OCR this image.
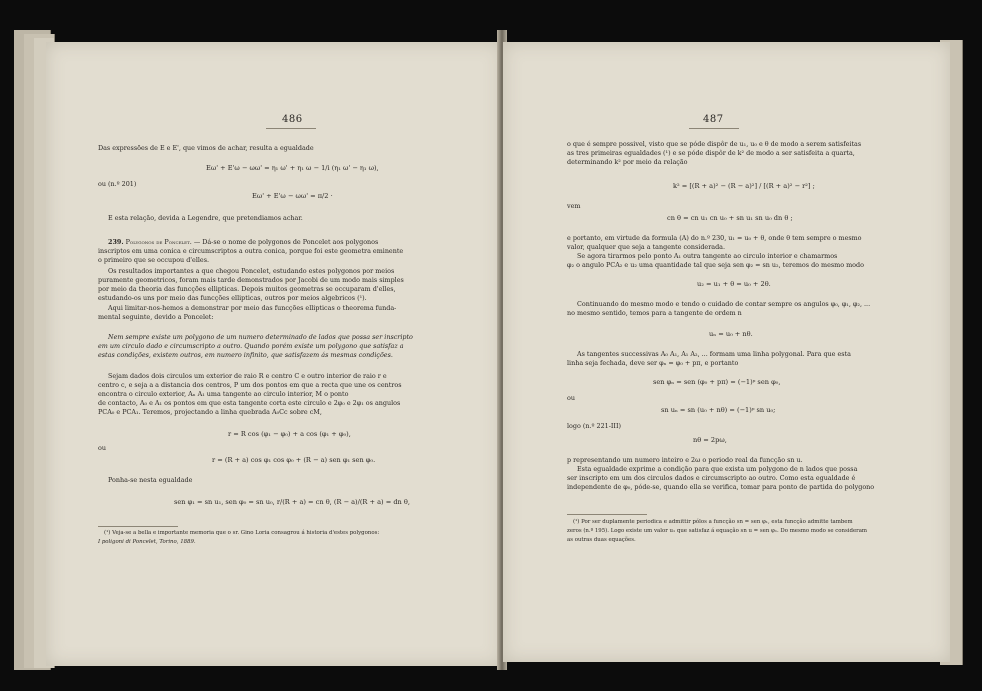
486
Das expressões de E e E', que vimos de achar, resulta a egualdade
Eω' + E'ω − ωω' = η₁ ω' + η₁ ω − 1/i (η₁ ω' − η₁ ω),
ou (n.º 201)
Eω' + E'ω − ωω' = π/2 ·
E esta relação, devida a Legendre, que pretendiamos achar.
239. Polygonos de Poncelet. — Dá-se o nome de polygonos de Poncelet aos polygonos
inscriptos em uma conica e circumscriptos a outra conica, porque foi este geometra eminente
o primeiro que se occupou d'elles.
Os resultados importantes a que chegou Poncelet, estudando estes polygonos por meios
puramente geometricos, foram mais tarde demonstrados por Jacobi de um modo mais simples
por meio da theoria das funcções ellipticas. Depois muitos geometras se occuparam d'elles,
estudando-os uns por meio das funcções ellipticas, outros por meios algebricos (¹).
Aqui limitar-nos-hemos a demonstrar por meio das funcções ellipticas o theorema funda-
mental seguinte, devido a Poncelet:
Nem sempre existe um polygono de um numero determinado de lados que possa ser inscripto
em um circulo dado e circumscripto a outro. Quando porém existe um polygono que satisfaz a
estas condições, existem outros, em numero infinito, que satisfazem ás mesmas condições.
Sejam dados dois circulos um exterior de raio R e centro C e outro interior de raio r e
centro c, e seja a a distancia dos centros, P um dos pontos em que a recta que une os centros
encontra o circulo exterior, Aₙ A₁ uma tangente ao circulo interior, M o ponto
de contacto, A₀ e A₁ os pontos em que esta tangente corta este circulo e 2φ₀ e 2φ₁ os angulos
PCA₀ e PCA₁. Teremos, projectando a linha quebrada A₀Cc sobre cM,
r = R cos (φ₁ − φ₀) + a cos (φ₁ + φ₀),
ou
r = (R + a) cos φ₁ cos φ₀ + (R − a) sen φ₁ sen φ₀.
Ponha-se nesta egualdade
sen φ₁ = sn u₁, sen φ₀ = sn u₀, r/(R + a) = cn θ, (R − a)/(R + a) = dn θ,
(¹) Veja-se a bella e importante memoria que o sr. Gino Loria consagrou á historia d'estes polygonos:
I poligoni di Poncelet, Torino, 1889.
487
o que é sempre possivel, visto que se póde dispôr de u₁, u₀ e θ de modo a serem satisfeitas
as tres primeiras egualdades (¹) e se póde dispôr de k² de modo a ser satisfeita a quarta,
determinando k² por meio da relação
k² = [(R + a)² − (R − a)²] / [(R + a)² − r²] ;
vem
cn θ = cn u₁ cn u₀ + sn u₁ sn u₀ dn θ ;
e portanto, em virtude da formula (A) do n.º 230, u₁ = u₀ + θ, onde θ tem sempre o mesmo
valor, qualquer que seja a tangente considerada.
Se agora tirarmos pelo ponto A₁ outra tangente ao circulo interior e chamarmos
φ₂ o angulo PCA₂ e u₂ uma quantidade tal que seja sen φ₂ = sn u₂, teremos do mesmo modo
u₂ = u₁ + θ = u₀ + 2θ.
Continuando do mesmo modo e tendo o cuidado de contar sempre os angulos φ₀, φ₁, φ₂, ...
no mesmo sentido, temos para a tangente de ordem n
uₙ = u₀ + nθ.
As tangentes successivas A₀ A₁, A₁ A₂, ... formam uma linha polygonal. Para que esta
linha seja fechada, deve ser φₙ = φ₀ + pπ, e portanto
sen φₙ = sen (φ₀ + pπ) = (−1)ᵖ sen φ₀,
ou
sn uₙ = sn (u₀ + nθ) = (−1)ᵖ sn u₀;
logo (n.º 221-III)
nθ = 2pω,
p representando um numero inteiro e 2ω o periodo real da funcção sn u.
Esta egualdade exprime a condição para que exista um polygono de n lados que possa
ser inscripto em um dos circulos dados e circumscripto ao outro. Como esta egualdade é
independente de φ₀, póde-se, quando ella se verifica, tomar para ponto de partida do polygono
(¹) Por ser duplamente periodica e admittir pólos a funcção sn = sen φ₁, esta funcção admitte tambem
zeros (n.º 195). Logo existe um valor u₁ que satisfaz á equação sn u = sen φ₁. Do mesmo modo se consideram
as outras duas equações.
